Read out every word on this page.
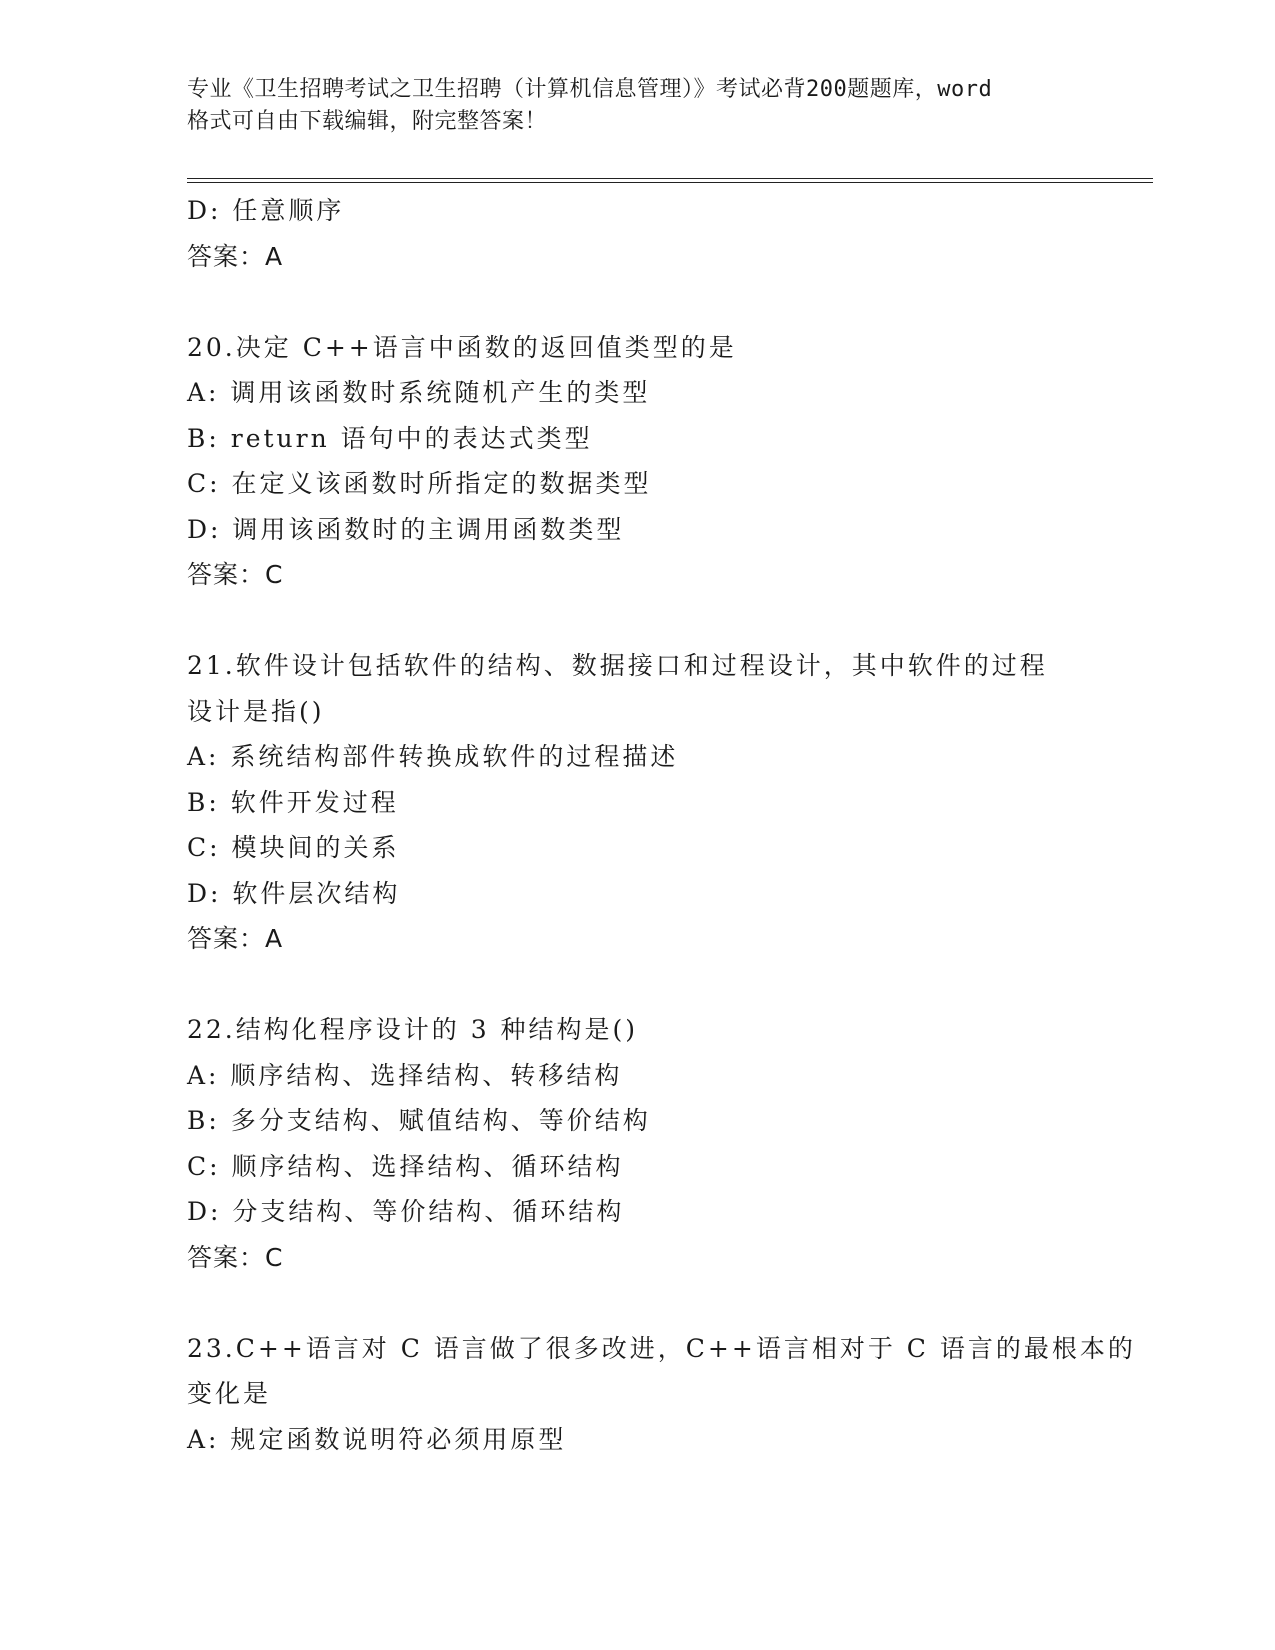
专业《卫生招聘考试之卫生招聘（计算机信息管理）》考试必背200题题库，word
格式可自由下载编辑，附完整答案！
D: 任意顺序
答案：A
20.决定 C++语言中函数的返回值类型的是
A: 调用该函数时系统随机产生的类型
B: return 语句中的表达式类型
C: 在定义该函数时所指定的数据类型
D: 调用该函数时的主调用函数类型
答案：C
21.软件设计包括软件的结构、数据接口和过程设计，其中软件的过程
设计是指()
A: 系统结构部件转换成软件的过程描述
B: 软件开发过程
C: 模块间的关系
D: 软件层次结构
答案：A
22.结构化程序设计的 3 种结构是()
A: 顺序结构、选择结构、转移结构
B: 多分支结构、赋值结构、等价结构
C: 顺序结构、选择结构、循环结构
D: 分支结构、等价结构、循环结构
答案：C
23.C++语言对 C 语言做了很多改进，C++语言相对于 C 语言的最根本的
变化是
A: 规定函数说明符必须用原型
